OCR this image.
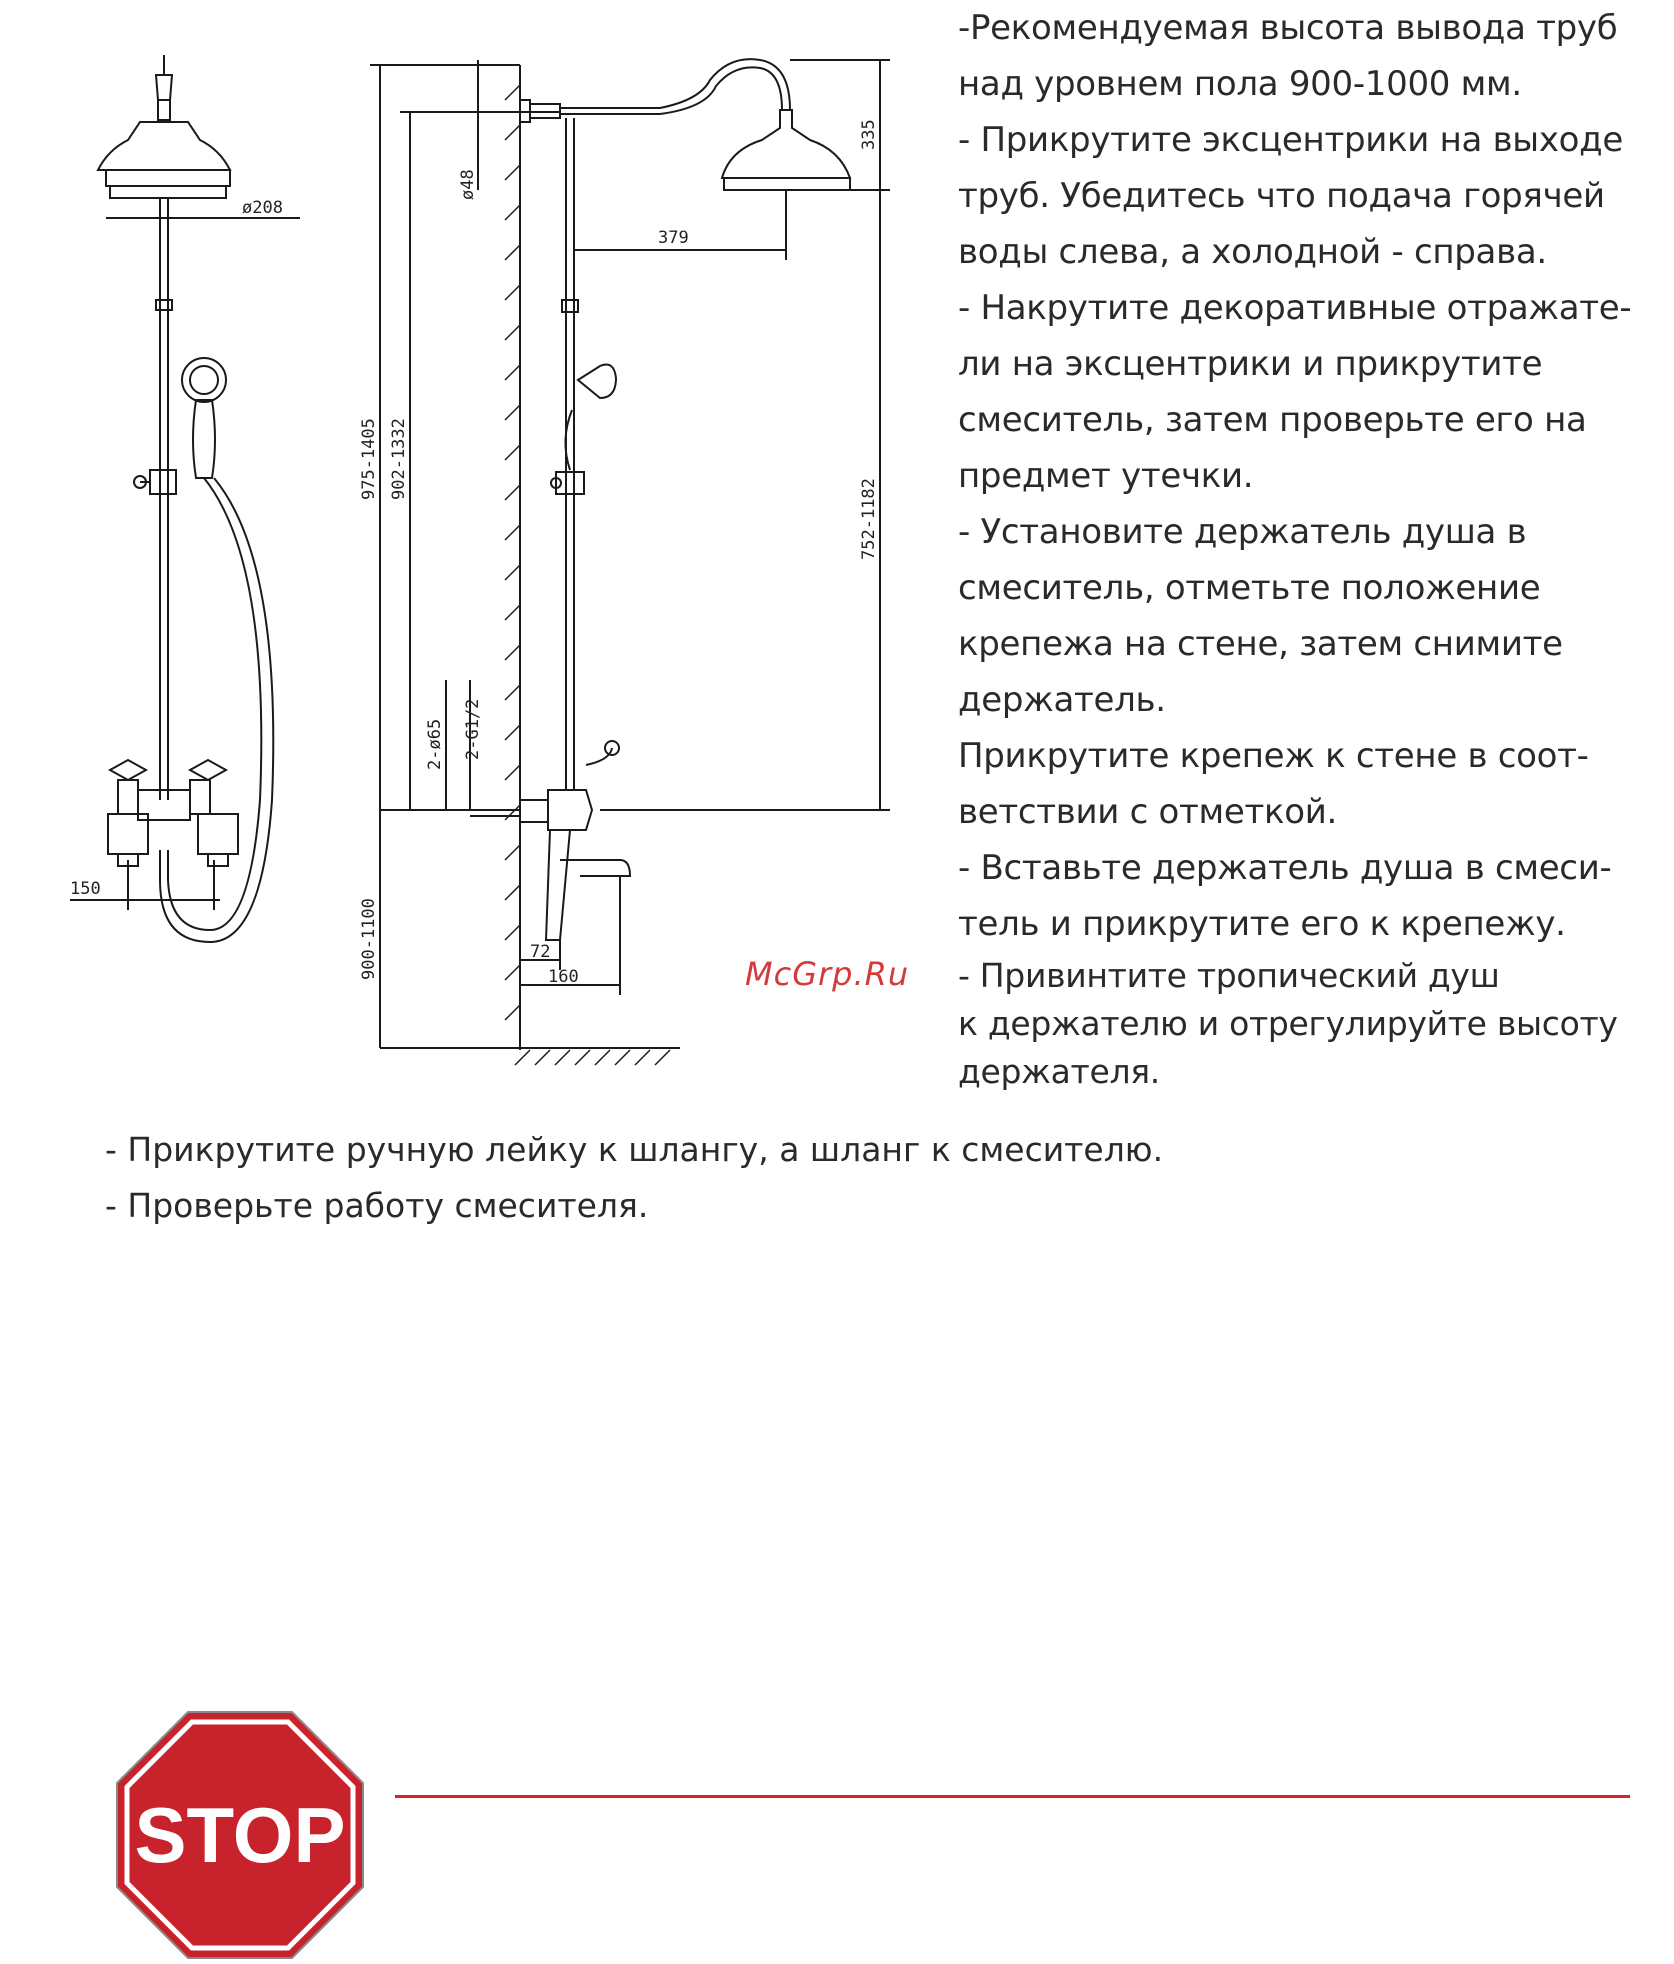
ø208
150
379
335
ø48
975-1405 902-1332
752-1182
900-1100
2-ø65 2-G1/2
72
160

-Рекомендуемая высота вывода труб

над уровнем пола 900-1000 мм.

- Прикрутите эксцентрики на выходе

труб. Убедитесь что подача горячей

воды слева, а холодной - справа.

- Накрутите декоративные отражате-

ли на эксцентрики и прикрутите

смеситель, затем проверьте его на

предмет утечки.

- Установите держатель душа в

смеситель, отметьте положение

крепежа на стене, затем снимите

держатель.

Прикрутите крепеж к стене в соот-

ветствии с отметкой.

- Вставьте держатель душа в смеси-

тель и прикрутите его к крепежу.

- Привинтите тропический душ

к держателю и отрегулируйте высоту

держателя.

McGrp.Ru

- Прикрутите ручную лейку к шлангу, а шланг к смесителю.

- Проверьте работу смесителя.

STOP
